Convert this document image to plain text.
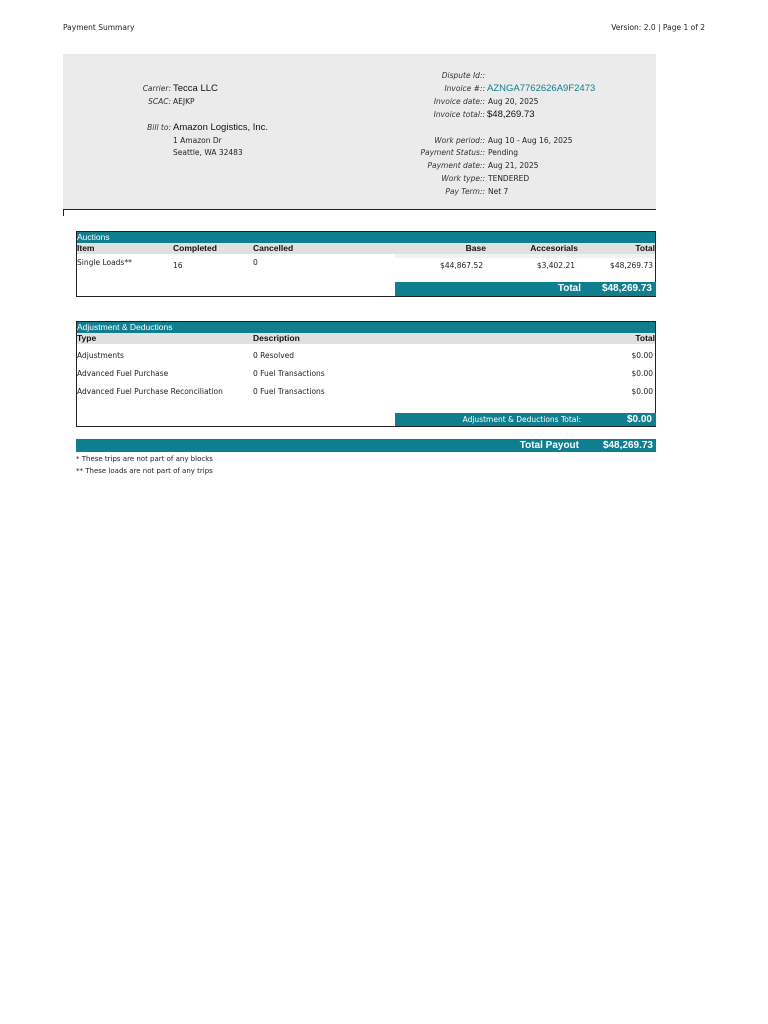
Payment Summary	Version: 2.0 | Page 1 of 2
Carrier: Tecca LLC
SCAC: AEJKP
Bill to: Amazon Logistics, Inc.
1 Amazon Dr
Seattle, WA 32483
Dispute Id::
Invoice #:: AZNGA7762626A9F2473
Invoice date:: Aug 20, 2025
Invoice total:: $48,269.73
Work period:: Aug 10 - Aug 16, 2025
Payment Status:: Pending
Payment date:: Aug 21, 2025
Work type:: TENDERED
Pay Term:: Net 7
Auctions
Item	Completed	Cancelled	Base	Accesorials	Total
Single Loads**	16	0	$44,867.52	$3,402.21	$48,269.73
Total	$48,269.73
Adjustment & Deductions
Type	Description	Total
Adjustments	0 Resolved	$0.00
Advanced Fuel Purchase	0 Fuel Transactions	$0.00
Advanced Fuel Purchase Reconciliation	0 Fuel Transactions	$0.00
Adjustment & Deductions Total:	$0.00
Total Payout	$48,269.73
* These trips are not part of any blocks
** These loads are not part of any trips
